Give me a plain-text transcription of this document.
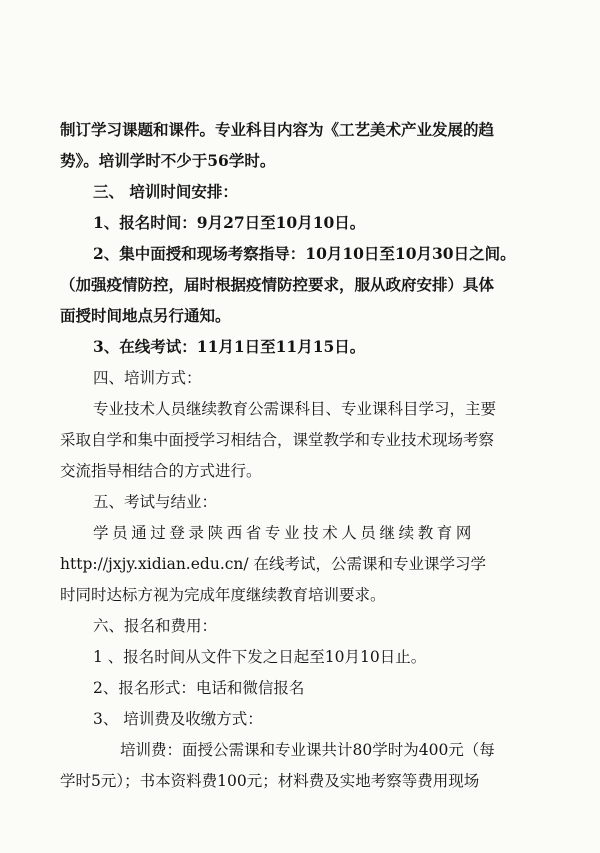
制订学习课题和课件。专业科目内容为《工艺美术产业发展的趋
势》。培训学时不少于56学时。
三、 培训时间安排：
1、报名时间：9月27日至10月10日。
2、集中面授和现场考察指导：10月10日至10月30日之间。
（加强疫情防控，届时根据疫情防控要求，服从政府安排）具体
面授时间地点另行通知。
3、在线考试：11月1日至11月15日。
四、培训方式：
专业技术人员继续教育公需课科目、专业课科目学习，主要
采取自学和集中面授学习相结合，课堂教学和专业技术现场考察
交流指导相结合的方式进行。
五、考试与结业：
学员通过登录陕西省专业技术人员继续教育网
http://jxjy.xidian.edu.cn/ 在线考试，公需课和专业课学习学
时同时达标方视为完成年度继续教育培训要求。
六、报名和费用：
1 、报名时间从文件下发之日起至10月10日止。
2、报名形式：电话和微信报名
3、 培训费及收缴方式：
培训费：面授公需课和专业课共计80学时为400元（每
学时5元）；书本资料费100元；材料费及实地考察等费用现场
